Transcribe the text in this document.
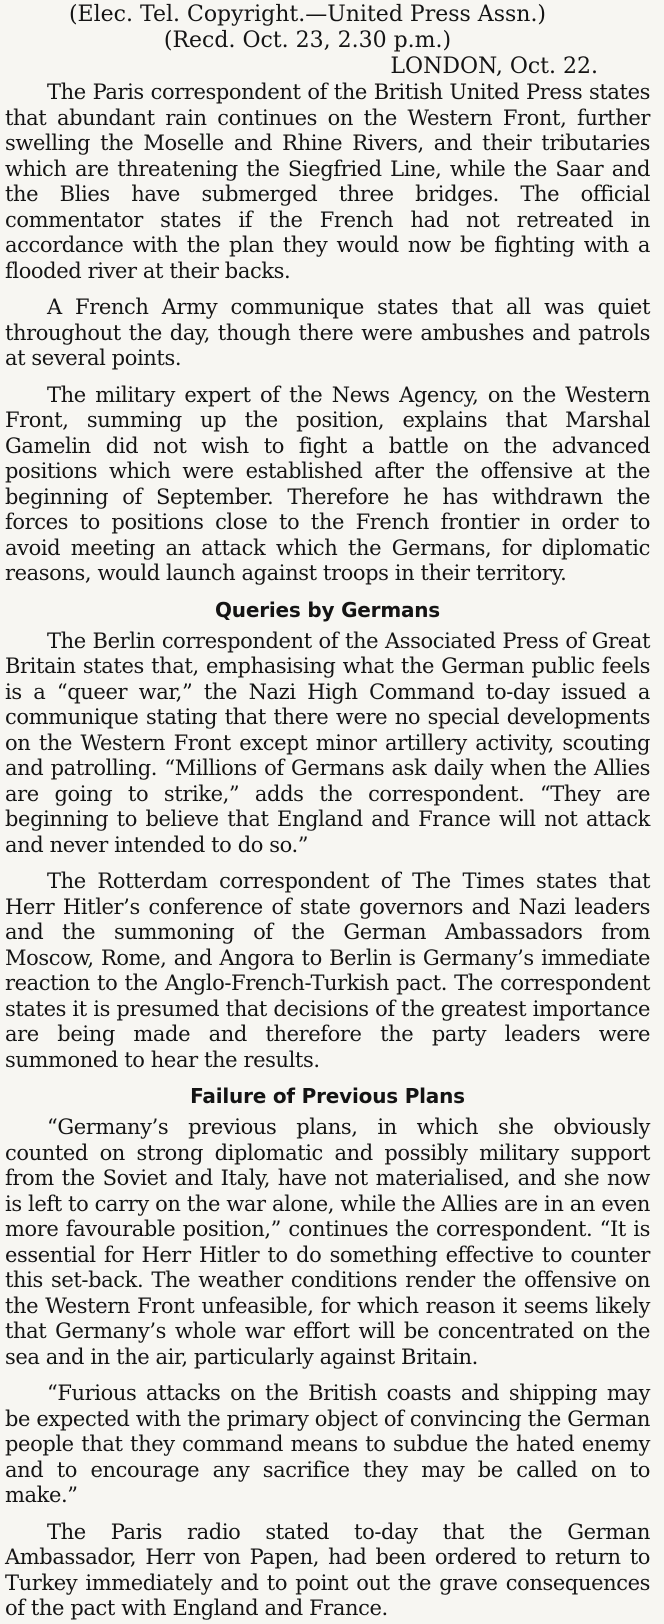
(Elec. Tel. Copyright.—United Press Assn.)

(Recd. Oct. 23, 2.30 p.m.)

LONDON, Oct. 22.

The Paris correspondent of the British United Press states that abundant rain continues on the Western Front, further swelling the Moselle and Rhine Rivers, and their tributaries which are threatening the Siegfried Line, while the Saar and the Blies have submerged three bridges. The official commentator states if the French had not retreated in accordance with the plan they would now be fighting with a flooded river at their backs.

A French Army communique states that all was quiet throughout the day, though there were ambushes and patrols at several points.

The military expert of the News Agency, on the Western Front, summing up the position, explains that Marshal Gamelin did not wish to fight a battle on the advanced positions which were established after the offensive at the beginning of September. Therefore he has withdrawn the forces to positions close to the French frontier in order to avoid meeting an attack which the Germans, for diplomatic reasons, would launch against troops in their territory.

Queries by Germans

The Berlin correspondent of the Associated Press of Great Britain states that, emphasising what the German public feels is a “queer war,” the Nazi High Command to-day issued a communique stating that there were no special developments on the Western Front except minor artillery activity, scouting and patrolling. “Millions of Germans ask daily when the Allies are going to strike,” adds the correspondent. “They are beginning to believe that England and France will not attack and never intended to do so.”

The Rotterdam correspondent of The Times states that Herr Hitler’s conference of state governors and Nazi leaders and the summoning of the German Ambassadors from Moscow, Rome, and Angora to Berlin is Germany’s immediate reaction to the Anglo-French-Turkish pact. The correspondent states it is presumed that decisions of the greatest importance are being made and therefore the party leaders were summoned to hear the results.

Failure of Previous Plans

“Germany’s previous plans, in which she obviously counted on strong diplomatic and possibly military support from the Soviet and Italy, have not materialised, and she now is left to carry on the war alone, while the Allies are in an even more favourable position,” continues the correspondent. “It is essential for Herr Hitler to do something effective to counter this set-back. The weather conditions render the offensive on the Western Front unfeasible, for which reason it seems likely that Germany’s whole war effort will be concentrated on the sea and in the air, particularly against Britain.

“Furious attacks on the British coasts and shipping may be expected with the primary object of convincing the German people that they command means to subdue the hated enemy and to encourage any sacrifice they may be called on to make.”

The Paris radio stated to-day that the German Ambassador, Herr von Papen, had been ordered to return to Turkey immediately and to point out the grave consequences of the pact with England and France.
